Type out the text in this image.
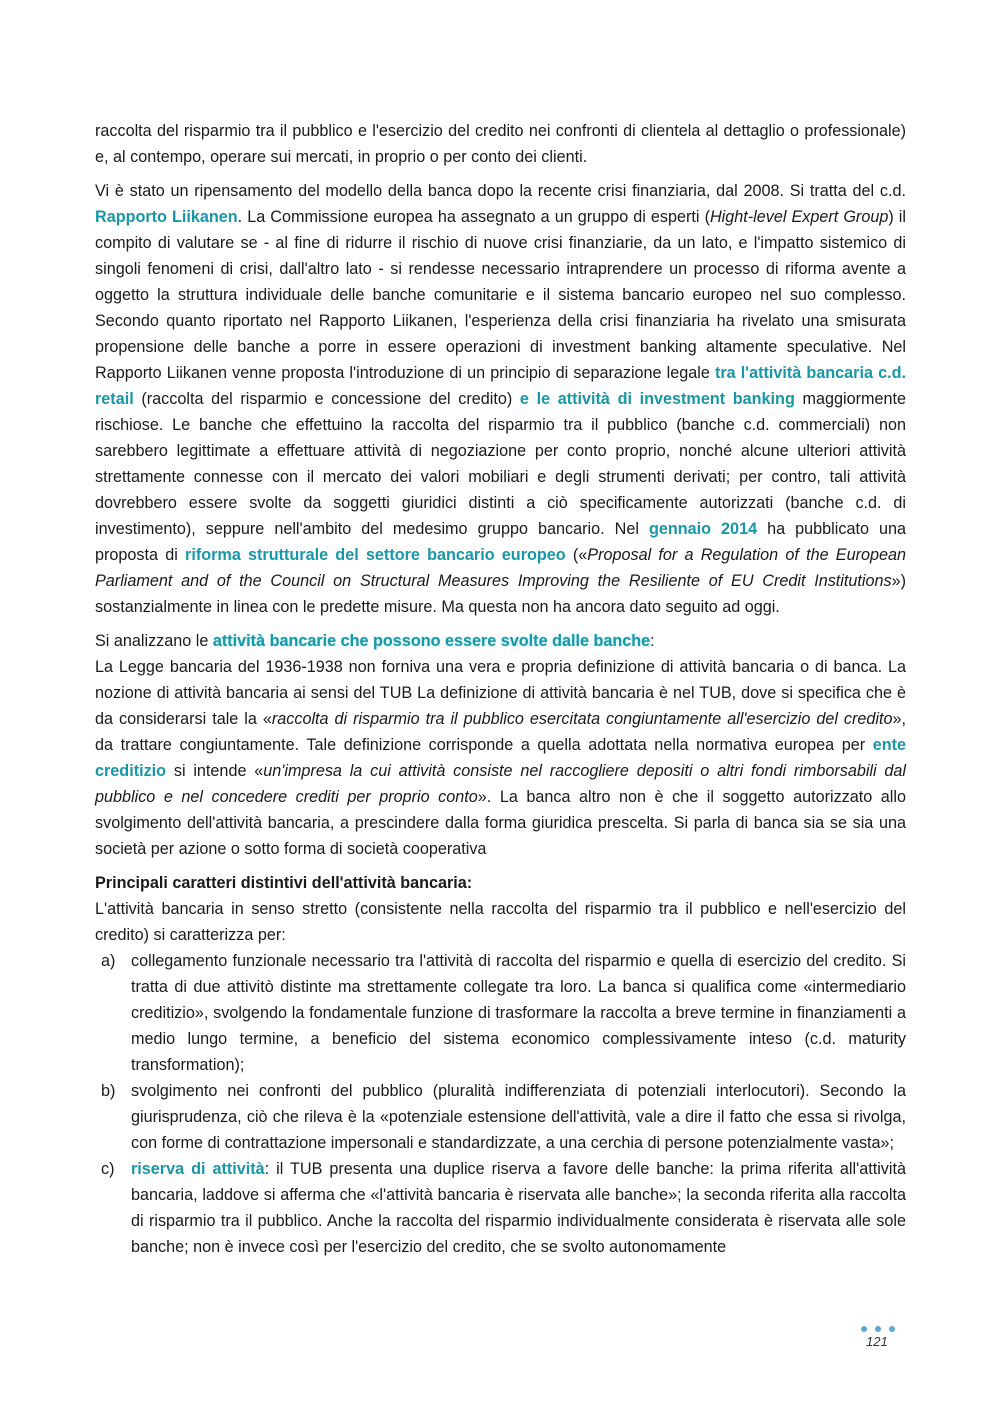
raccolta del risparmio tra il pubblico e l'esercizio del credito nei confronti di clientela al dettaglio o professionale) e, al contempo, operare sui mercati, in proprio o per conto dei clienti.

Vi è stato un ripensamento del modello della banca dopo la recente crisi finanziaria, dal 2008. Si tratta del c.d. Rapporto Liikanen. La Commissione europea ha assegnato a un gruppo di esperti (Hight-level Expert Group) il compito di valutare se - al fine di ridurre il rischio di nuove crisi finanziarie, da un lato, e l'impatto sistemico di singoli fenomeni di crisi, dall'altro lato - si rendesse necessario intraprendere un processo di riforma avente a oggetto la struttura individuale delle banche comunitarie e il sistema bancario europeo nel suo complesso. Secondo quanto riportato nel Rapporto Liikanen, l'esperienza della crisi finanziaria ha rivelato una smisurata propensione delle banche a porre in essere operazioni di investment banking altamente speculative. Nel Rapporto Liikanen venne proposta l'introduzione di un principio di separazione legale tra l'attività bancaria c.d. retail (raccolta del risparmio e concessione del credito) e le attività di investment banking maggiormente rischiose. Le banche che effettuino la raccolta del risparmio tra il pubblico (banche c.d. commerciali) non sarebbero legittimate a effettuare attività di negoziazione per conto proprio, nonché alcune ulteriori attività strettamente connesse con il mercato dei valori mobiliari e degli strumenti derivati; per contro, tali attività dovrebbero essere svolte da soggetti giuridici distinti a ciò specificamente autorizzati (banche c.d. di investimento), seppure nell'ambito del medesimo gruppo bancario. Nel gennaio 2014 ha pubblicato una proposta di riforma strutturale del settore bancario europeo («Proposal for a Regulation of the European Parliament and of the Council on Structural Measures Improving the Resiliente of EU Credit Institutions») sostanzialmente in linea con le predette misure. Ma questa non ha ancora dato seguito ad oggi.

Si analizzano le attività bancarie che possono essere svolte dalle banche:

La Legge bancaria del 1936-1938 non forniva una vera e propria definizione di attività bancaria o di banca. La nozione di attività bancaria ai sensi del TUB La definizione di attività bancaria è nel TUB, dove si specifica che è da considerarsi tale la «raccolta di risparmio tra il pubblico esercitata congiuntamente all'esercizio del credito», da trattare congiuntamente. Tale definizione corrisponde a quella adottata nella normativa europea per ente creditizio si intende «un'impresa la cui attività consiste nel raccogliere depositi o altri fondi rimborsabili dal pubblico e nel concedere crediti per proprio conto». La banca altro non è che il soggetto autorizzato allo svolgimento dell'attività bancaria, a prescindere dalla forma giuridica prescelta. Si parla di banca sia se sia una società per azione o sotto forma di società cooperativa

Principali caratteri distintivi dell'attività bancaria:

L'attività bancaria in senso stretto (consistente nella raccolta del risparmio tra il pubblico e nell'esercizio del credito) si caratterizza per:

a) collegamento funzionale necessario tra l'attività di raccolta del risparmio e quella di esercizio del credito. Si tratta di due attivitò distinte ma strettamente collegate tra loro. La banca si qualifica come «intermediario creditizio», svolgendo la fondamentale funzione di trasformare la raccolta a breve termine in finanziamenti a medio lungo termine, a beneficio del sistema economico complessivamente inteso (c.d. maturity transformation);
b) svolgimento nei confronti del pubblico (pluralità indifferenziata di potenziali interlocutori). Secondo la giurisprudenza, ciò che rileva è la «potenziale estensione dell'attività, vale a dire il fatto che essa si rivolga, con forme di contrattazione impersonali e standardizzate, a una cerchia di persone potenzialmente vasta»;
c) riserva di attività: il TUB presenta una duplice riserva a favore delle banche: la prima riferita all'attività bancaria, laddove si afferma che «l'attività bancaria è riservata alle banche»; la seconda riferita alla raccolta di risparmio tra il pubblico. Anche la raccolta del risparmio individualmente considerata è riservata alle sole banche; non è invece così per l'esercizio del credito, che se svolto autonomamente
121
